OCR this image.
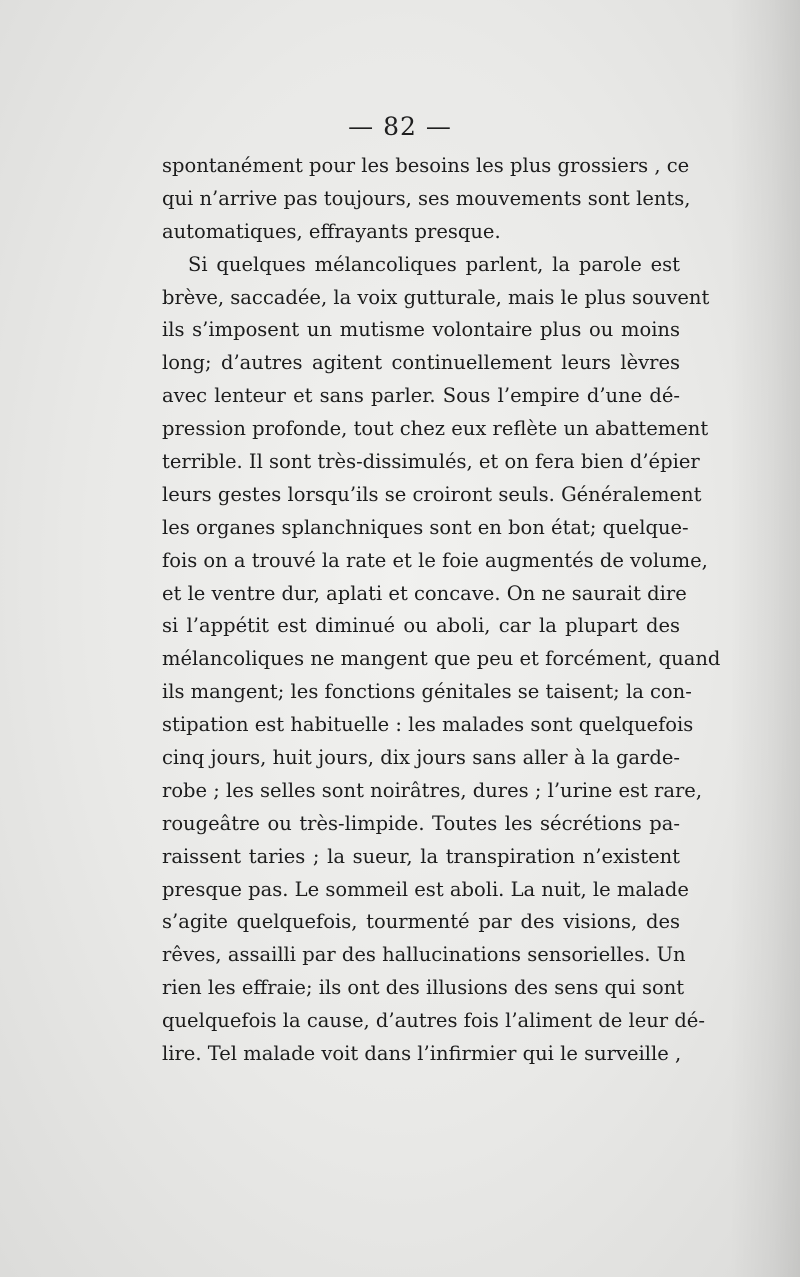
— 82 —
spontanément pour les besoins les plus grossiers , ce
qui n’arrive pas toujours, ses mouvements sont lents,
automatiques, effrayants presque.
Si quelques mélancoliques parlent, la parole est
brève, saccadée, la voix gutturale, mais le plus souvent
ils s’imposent un mutisme volontaire plus ou moins
long; d’autres agitent continuellement leurs lèvres
avec lenteur et sans parler. Sous l’empire d’une dé-
pression profonde, tout chez eux reflète un abattement
terrible. Il sont très-dissimulés, et on fera bien d’épier
leurs gestes lorsqu’ils se croiront seuls. Généralement
les organes splanchniques sont en bon état; quelque-
fois on a trouvé la rate et le foie augmentés de volume,
et le ventre dur, aplati et concave. On ne saurait dire
si l’appétit est diminué ou aboli, car la plupart des
mélancoliques ne mangent que peu et forcément, quand
ils mangent; les fonctions génitales se taisent; la con-
stipation est habituelle : les malades sont quelquefois
cinq jours, huit jours, dix jours sans aller à la garde-
robe ; les selles sont noirâtres, dures ; l’urine est rare,
rougeâtre ou très-limpide. Toutes les sécrétions pa-
raissent taries ; la sueur, la transpiration n’existent
presque pas. Le sommeil est aboli. La nuit, le malade
s’agite quelquefois, tourmenté par des visions, des
rêves, assailli par des hallucinations sensorielles. Un
rien les effraie; ils ont des illusions des sens qui sont
quelquefois la cause, d’autres fois l’aliment de leur dé-
lire. Tel malade voit dans l’infirmier qui le surveille ,
